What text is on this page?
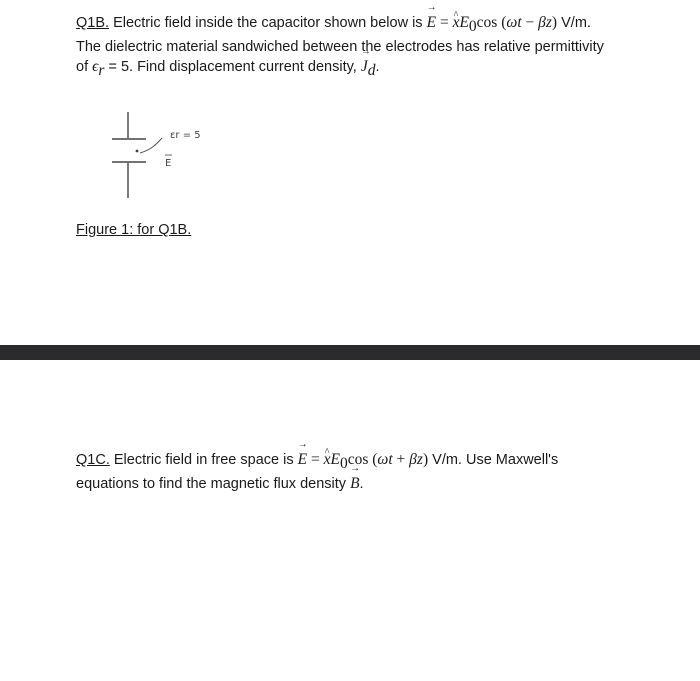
Q1B. Electric field inside the capacitor shown below is → E = ^ $xE_0\cos$ (ωt − βz) V/m.
The dielectric material sandwiched between the electrodes has relative permittivity
of $\epsilon_r = 5$. Find displacement current density, → $J_d$.
εr = 5
E
Figure 1: for Q1B.
Q1C. Electric field in free space is → E = ^ $xE_0\cos$ (ωt + βz) V/m. Use Maxwell's
equations to find the magnetic flux density → B.
